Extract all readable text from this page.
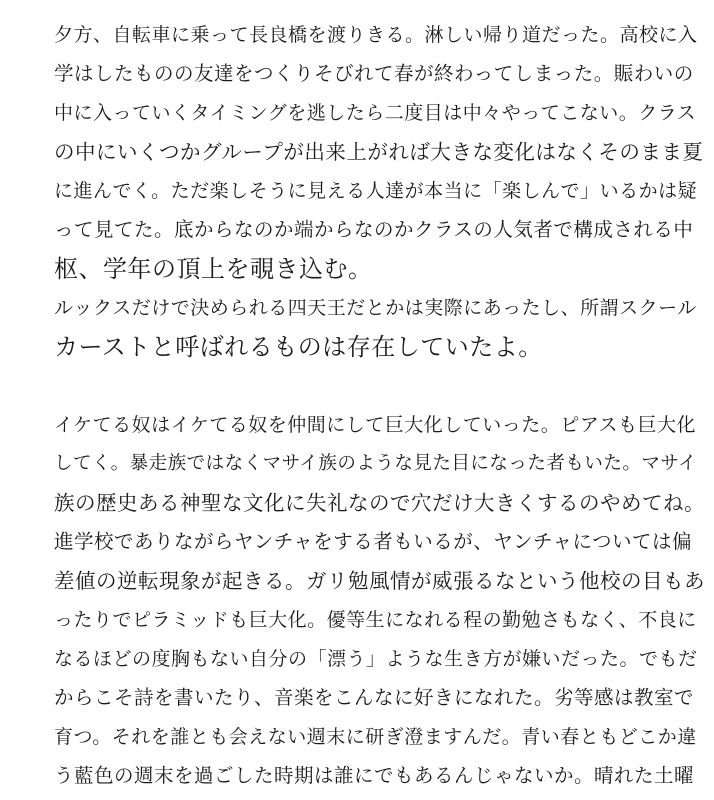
夕方、自転車に乗って長良橋を渡りきる。淋しい帰り道だった。高校に入
学はしたものの友達をつくりそびれて春が終わってしまった。賑わいの
中に入っていくタイミングを逃したら二度目は中々やってこない。クラス
の中にいくつかグループが出来上がれば大きな変化はなくそのまま夏
に進んでく。ただ楽しそうに見える人達が本当に「楽しんで」いるかは疑
って見てた。底からなのか端からなのかクラスの人気者で構成される中
枢、学年の頂上を覗き込む。
ルックスだけで決められる四天王だとかは実際にあったし、所謂スクール
カーストと呼ばれるものは存在していたよ。
イケてる奴はイケてる奴を仲間にして巨大化していった。ピアスも巨大化
してく。暴走族ではなくマサイ族のような見た目になった者もいた。マサイ
族の歴史ある神聖な文化に失礼なので穴だけ大きくするのやめてね。
進学校でありながらヤンチャをする者もいるが、ヤンチャについては偏
差値の逆転現象が起きる。ガリ勉風情が威張るなという他校の目もあ
ったりでピラミッドも巨大化。優等生になれる程の勤勉さもなく、不良に
なるほどの度胸もない自分の「漂う」ような生き方が嫌いだった。でもだ
からこそ詩を書いたり、音楽をこんなに好きになれた。劣等感は教室で
育つ。それを誰とも会えない週末に研ぎ澄ますんだ。青い春ともどこか違
う藍色の週末を過ごした時期は誰にでもあるんじゃないか。晴れた土曜
